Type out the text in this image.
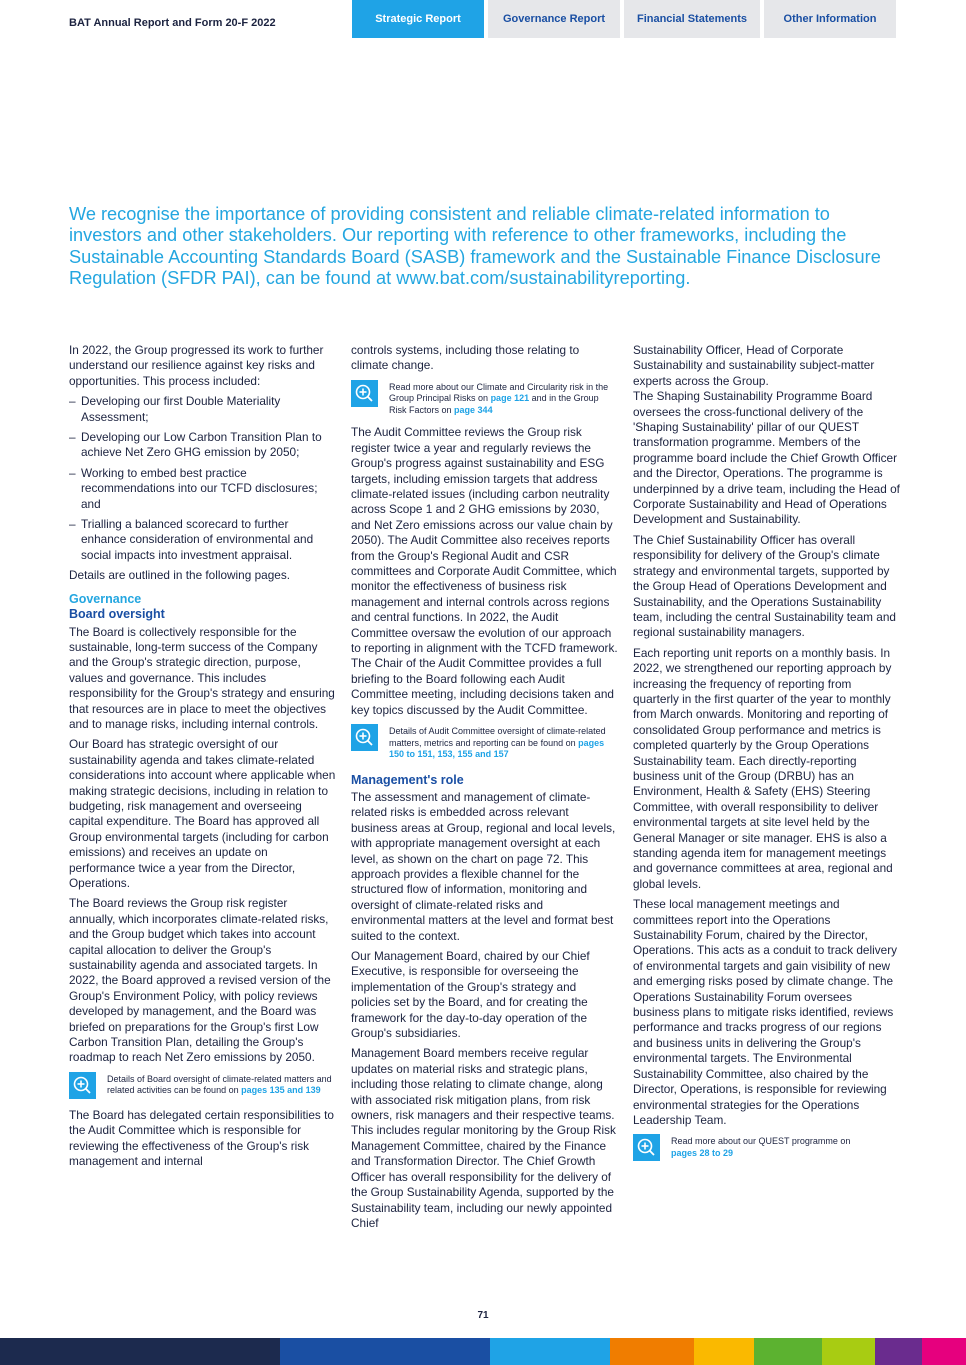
BAT Annual Report and Form 20-F 2022	Strategic Report	Governance Report	Financial Statements	Other Information
We recognise the importance of providing consistent and reliable climate-related information to investors and other stakeholders. Our reporting with reference to other frameworks, including the Sustainable Accounting Standards Board (SASB) framework and the Sustainable Finance Disclosure Regulation (SFDR PAI), can be found at www.bat.com/sustainabilityreporting.

In 2022, the Group progressed its work to further understand our resilience against key risks and opportunities. This process included:

– Developing our first Double Materiality Assessment;
– Developing our Low Carbon Transition Plan to achieve Net Zero GHG emission by 2050;
– Working to embed best practice recommendations into our TCFD disclosures; and
– Trialling a balanced scorecard to further enhance consideration of environmental and social impacts into investment appraisal.

Details are outlined in the following pages.

Governance
Board oversight

The Board is collectively responsible for the sustainable, long-term success of the Company and the Group's strategic direction, purpose, values and governance. This includes responsibility for the Group's strategy and ensuring that resources are in place to meet the objectives and to manage risks, including internal controls.

Our Board has strategic oversight of our sustainability agenda and takes climate-related considerations into account where applicable when making strategic decisions, including in relation to budgeting, risk management and overseeing capital expenditure. The Board has approved all Group environmental targets (including for carbon emissions) and receives an update on performance twice a year from the Director, Operations.

The Board reviews the Group risk register annually, which incorporates climate-related risks, and the Group budget which takes into account capital allocation to deliver the Group's sustainability agenda and associated targets. In 2022, the Board approved a revised version of the Group's Environment Policy, with policy reviews developed by management, and the Board was briefed on preparations for the Group's first Low Carbon Transition Plan, detailing the Group's roadmap to reach Net Zero emissions by 2050.

Details of Board oversight of climate-related matters and related activities can be found on pages 135 and 139

The Board has delegated certain responsibilities to the Audit Committee which is responsible for reviewing the effectiveness of the Group's risk management and internal

controls systems, including those relating to climate change.

Read more about our Climate and Circularity risk in the Group Principal Risks on page 121 and in the Group Risk Factors on page 344

The Audit Committee reviews the Group risk register twice a year and regularly reviews the Group's progress against sustainability and ESG targets, including emission targets that address climate-related issues (including carbon neutrality across Scope 1 and 2 GHG emissions by 2030, and Net Zero emissions across our value chain by 2050). The Audit Committee also receives reports from the Group's Regional Audit and CSR committees and Corporate Audit Committee, which monitor the effectiveness of business risk management and internal controls across regions and central functions. In 2022, the Audit Committee oversaw the evolution of our approach to reporting in alignment with the TCFD framework. The Chair of the Audit Committee provides a full briefing to the Board following each Audit Committee meeting, including decisions taken and key topics discussed by the Audit Committee.

Details of Audit Committee oversight of climate-related matters, metrics and reporting can be found on pages 150 to 151, 153, 155 and 157
Management's role

The assessment and management of climate-related risks is embedded across relevant business areas at Group, regional and local levels, with appropriate management oversight at each level, as shown on the chart on page 72. This approach provides a flexible channel for the structured flow of information, monitoring and oversight of climate-related risks and environmental matters at the level and format best suited to the context.

Our Management Board, chaired by our Chief Executive, is responsible for overseeing the implementation of the Group's strategy and policies set by the Board, and for creating the framework for the day-to-day operation of the Group's subsidiaries.

Management Board members receive regular updates on material risks and strategic plans, including those relating to climate change, along with associated risk mitigation plans, from risk owners, risk managers and their respective teams. This includes regular monitoring by the Group Risk Management Committee, chaired by the Finance and Transformation Director. The Chief Growth Officer has overall responsibility for the delivery of the Group Sustainability Agenda, supported by the Sustainability team, including our newly appointed Chief

Sustainability Officer, Head of Corporate Sustainability and sustainability subject-matter experts across the Group.

The Shaping Sustainability Programme Board oversees the cross-functional delivery of the 'Shaping Sustainability' pillar of our QUEST transformation programme. Members of the programme board include the Chief Growth Officer and the Director, Operations. The programme is underpinned by a drive team, including the Head of Corporate Sustainability and Head of Operations Development and Sustainability.

The Chief Sustainability Officer has overall responsibility for delivery of the Group's climate strategy and environmental targets, supported by the Group Head of Operations Development and Sustainability, and the Operations Sustainability team, including the central Sustainability team and regional sustainability managers.

Each reporting unit reports on a monthly basis. In 2022, we strengthened our reporting approach by increasing the frequency of reporting from quarterly in the first quarter of the year to monthly from March onwards. Monitoring and reporting of consolidated Group performance and metrics is completed quarterly by the Group Operations Sustainability team. Each directly-reporting business unit of the Group (DRBU) has an Environment, Health & Safety (EHS) Steering Committee, with overall responsibility to deliver environmental targets at site level held by the General Manager or site manager. EHS is also a standing agenda item for management meetings and governance committees at area, regional and global levels.

These local management meetings and committees report into the Operations Sustainability Forum, chaired by the Director, Operations. This acts as a conduit to track delivery of environmental targets and gain visibility of new and emerging risks posed by climate change. The Operations Sustainability Forum oversees business plans to mitigate risks identified, reviews performance and tracks progress of our regions and business units in delivering the Group's environmental targets. The Environmental Sustainability Committee, also chaired by the Director, Operations, is responsible for reviewing environmental strategies for the Operations Leadership Team.

Read more about our QUEST programme on
pages 28 to 29
71
